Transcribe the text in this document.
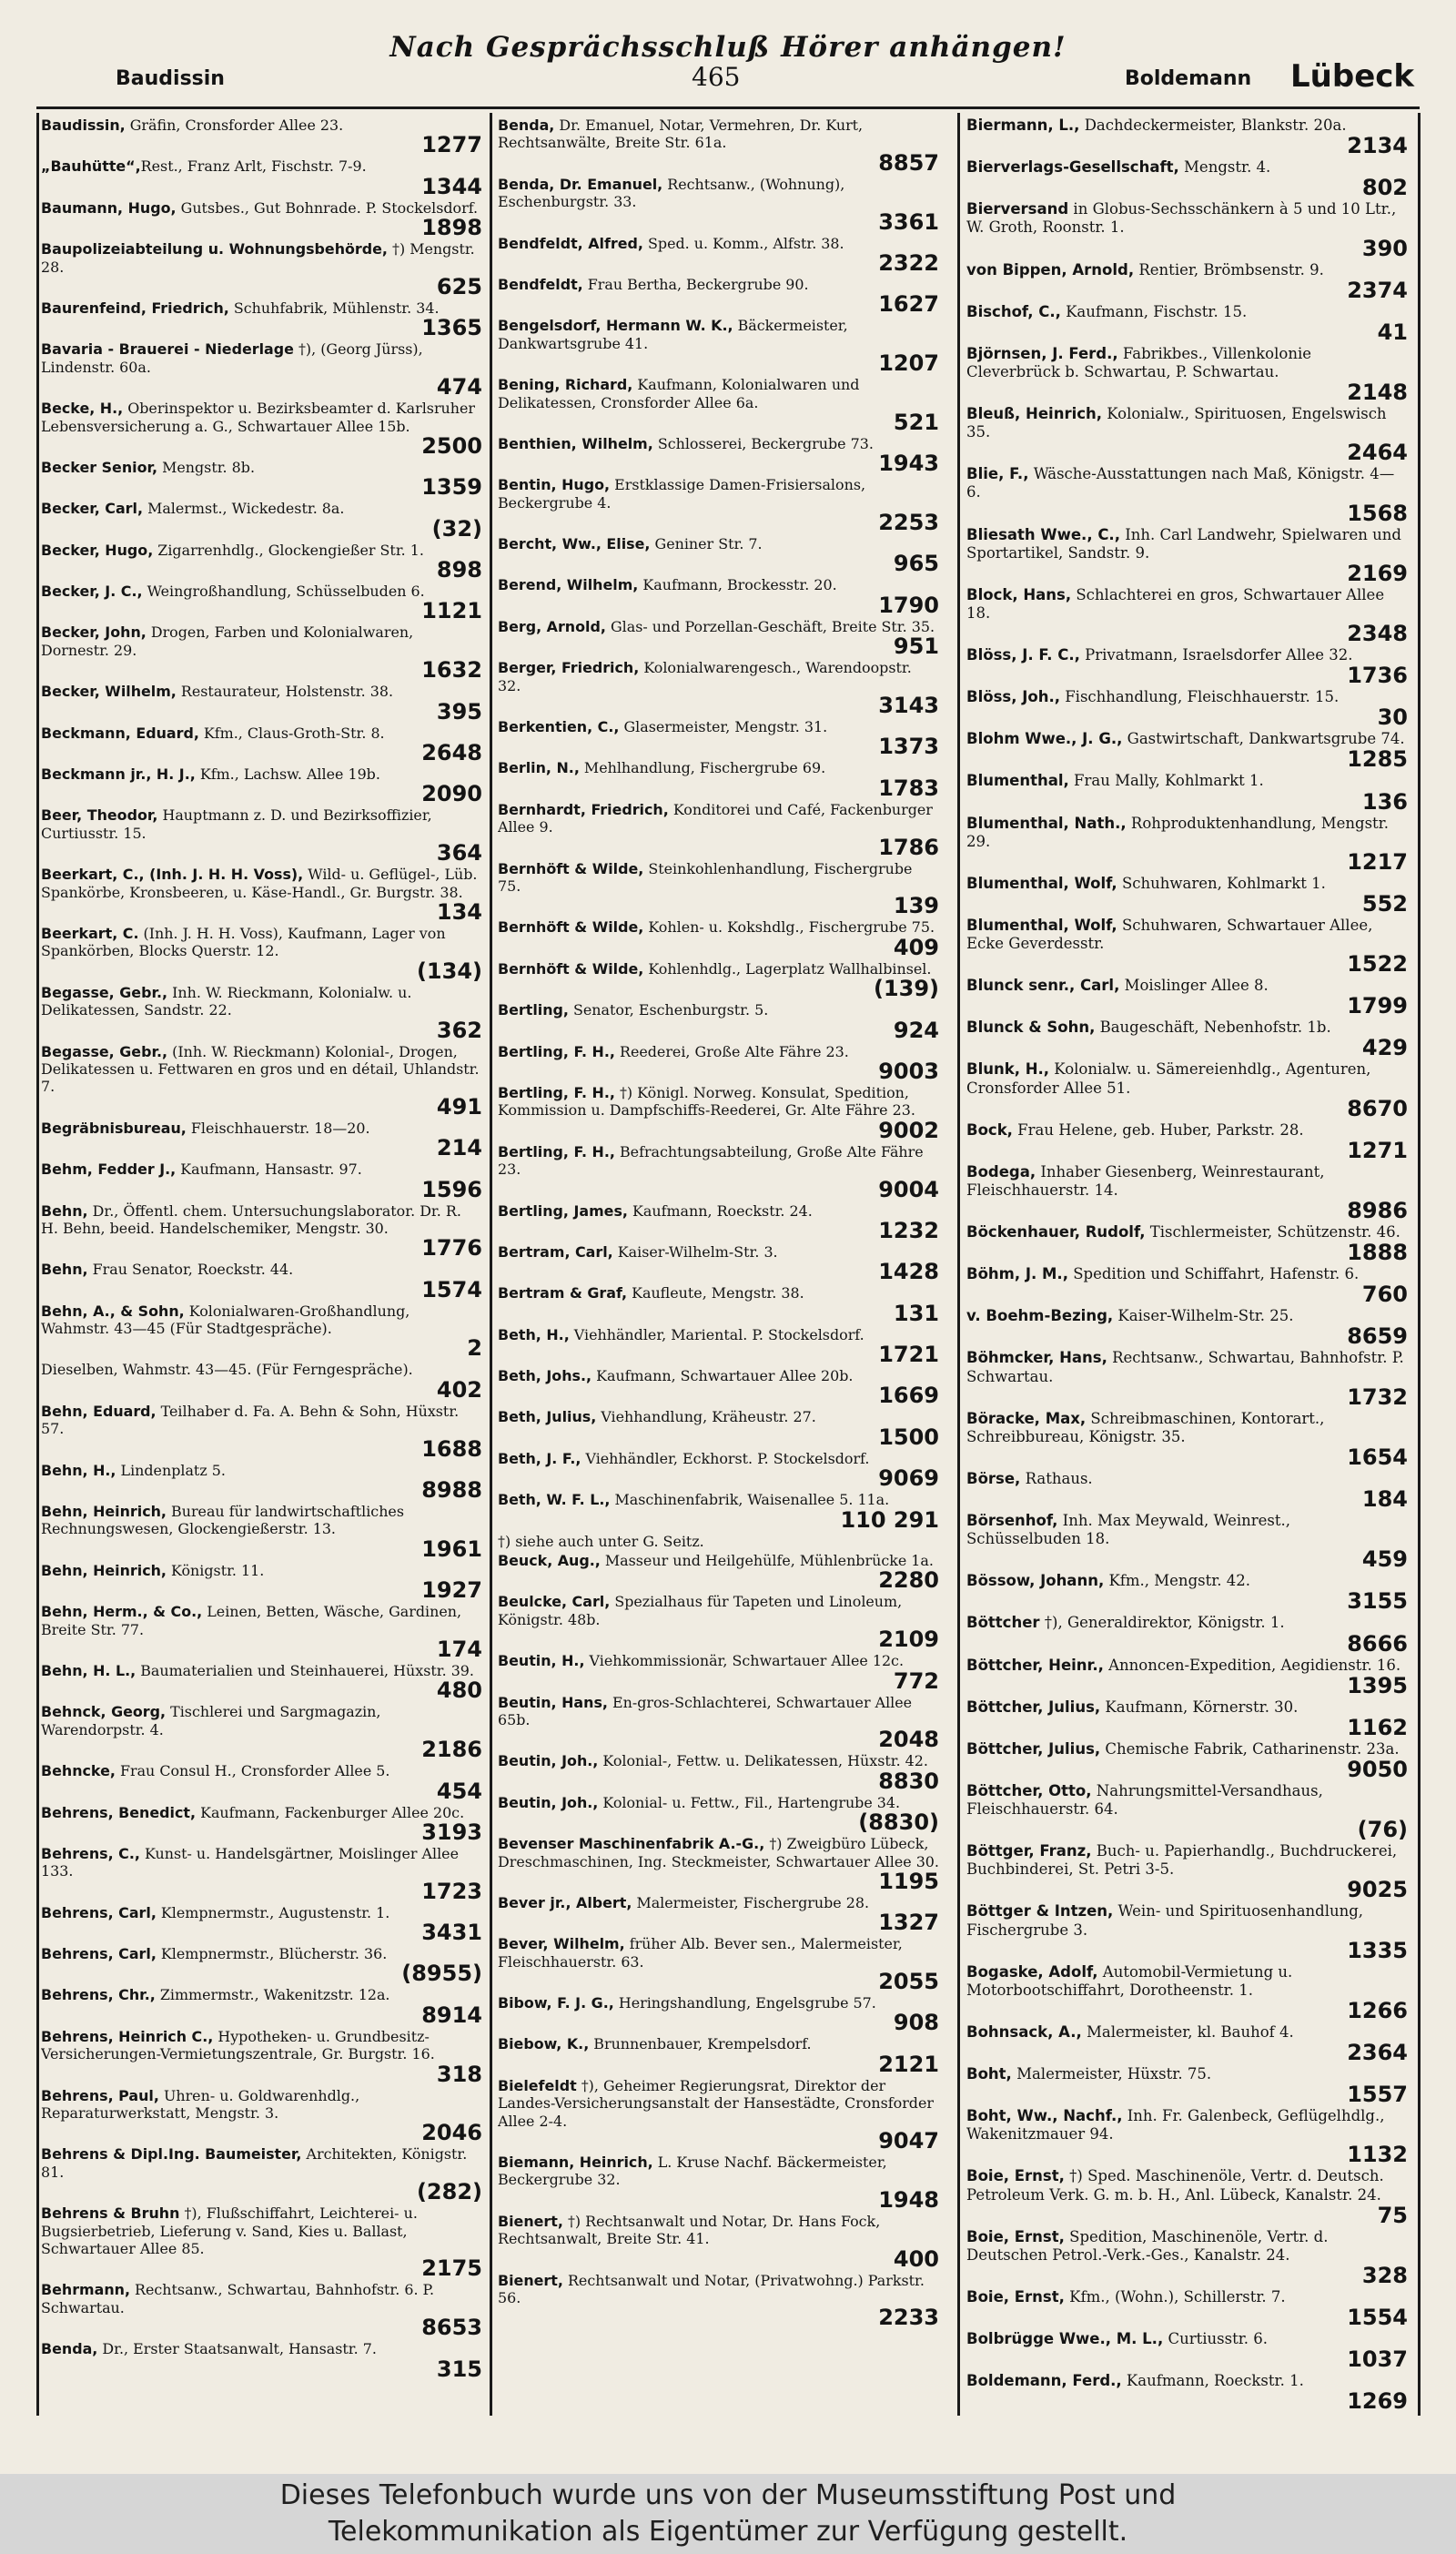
Nach Gesprächsschluß Hörer anhängen!
Baudissin	465	Boldemann Lübeck
Baudissin, Gräfin, Cronsforder Allee 23.
1277
„Bauhütte“,Rest., Franz Arlt, Fischstr. 7-9.
1344
Baumann, Hugo, Gutsbes., Gut Bohnrade. P. Stockelsdorf.
1898
Baupolizeiabteilung u. Wohnungsbehörde, †) Mengstr. 28.
625
Baurenfeind, Friedrich, Schuhfabrik, Mühlenstr. 34.
1365
Bavaria - Brauerei - Niederlage †), (Georg Jürss), Lindenstr. 60a.
474
Becke, H., Oberinspektor u. Bezirksbeamter d. Karlsruher Lebensversicherung a. G., Schwartauer Allee 15b.
2500
Becker Senior, Mengstr. 8b.
1359
Becker, Carl, Malermst., Wickedestr. 8a.
(32)
Becker, Hugo, Zigarrenhdlg., Glockengießer Str. 1.
898
Becker, J. C., Weingroßhandlung, Schüsselbuden 6.
1121
Becker, John, Drogen, Farben und Kolonialwaren, Dornestr. 29.
1632
Becker, Wilhelm, Restaurateur, Holstenstr. 38.
395
Beckmann, Eduard, Kfm., Claus-Groth-Str. 8.
2648
Beckmann jr., H. J., Kfm., Lachsw. Allee 19b.
2090
Beer, Theodor, Hauptmann z. D. und Bezirksoffizier, Curtiusstr. 15.
364
Beerkart, C., (Inh. J. H. H. Voss), Wild- u. Geflügel-, Lüb. Spankörbe, Kronsbeeren, u. Käse-Handl., Gr. Burgstr. 38.
134
Beerkart, C. (Inh. J. H. H. Voss), Kaufmann, Lager von Spankörben, Blocks Querstr. 12.
(134)
Begasse, Gebr., Inh. W. Rieckmann, Kolonialw. u. Delikatessen, Sandstr. 22.
362
Begasse, Gebr., (Inh. W. Rieckmann) Kolonial-, Drogen, Delikatessen u. Fettwaren en gros und en détail, Uhlandstr. 7.
491
Begräbnisbureau, Fleischhauerstr. 18—20.
214
Behm, Fedder J., Kaufmann, Hansastr. 97.
1596
Behn, Dr., Öffentl. chem. Untersuchungslaborator. Dr. R. H. Behn, beeid. Handelschemiker, Mengstr. 30.
1776
Behn, Frau Senator, Roeckstr. 44.
1574
Behn, A., & Sohn, Kolonialwaren-Großhandlung, Wahmstr. 43—45 (Für Stadtgespräche).
2
Dieselben, Wahmstr. 43—45. (Für Ferngespräche).
402
Behn, Eduard, Teilhaber d. Fa. A. Behn & Sohn, Hüxstr. 57.
1688
Behn, H., Lindenplatz 5.
8988
Behn, Heinrich, Bureau für landwirtschaftliches Rechnungswesen, Glockengießerstr. 13.
1961
Behn, Heinrich, Königstr. 11.
1927
Behn, Herm., & Co., Leinen, Betten, Wäsche, Gardinen, Breite Str. 77.
174
Behn, H. L., Baumaterialien und Steinhauerei, Hüxstr. 39.
480
Behnck, Georg, Tischlerei und Sargmagazin, Warendorpstr. 4.
2186
Behncke, Frau Consul H., Cronsforder Allee 5.
454
Behrens, Benedict, Kaufmann, Fackenburger Allee 20c.
3193
Behrens, C., Kunst- u. Handelsgärtner, Moislinger Allee 133.
1723
Behrens, Carl, Klempnermstr., Augustenstr. 1.
3431
Behrens, Carl, Klempnermstr., Blücherstr. 36.
(8955)
Behrens, Chr., Zimmermstr., Wakenitzstr. 12a.
8914
Behrens, Heinrich C., Hypotheken- u. Grundbesitz-Versicherungen-Vermietungszentrale, Gr. Burgstr. 16.
318
Behrens, Paul, Uhren- u. Goldwarenhdlg., Reparaturwerkstatt, Mengstr. 3.
2046
Behrens & Dipl.Ing. Baumeister, Architekten, Königstr. 81.
(282)
Behrens & Bruhn †), Flußschiffahrt, Leichterei- u. Bugsierbetrieb, Lieferung v. Sand, Kies u. Ballast, Schwartauer Allee 85.
2175
Behrmann, Rechtsanw., Schwartau, Bahnhofstr. 6. P. Schwartau.
8653
Benda, Dr., Erster Staatsanwalt, Hansastr. 7.
315
Benda, Dr. Emanuel, Notar, Vermehren, Dr. Kurt, Rechtsanwälte, Breite Str. 61a.
8857
Benda, Dr. Emanuel, Rechtsanw., (Wohnung), Eschenburgstr. 33.
3361
Bendfeldt, Alfred, Sped. u. Komm., Alfstr. 38.
2322
Bendfeldt, Frau Bertha, Beckergrube 90.
1627
Bengelsdorf, Hermann W. K., Bäckermeister, Dankwartsgrube 41.
1207
Bening, Richard, Kaufmann, Kolonialwaren und Delikatessen, Cronsforder Allee 6a.
521
Benthien, Wilhelm, Schlosserei, Beckergrube 73.
1943
Bentin, Hugo, Erstklassige Damen-Frisiersalons, Beckergrube 4.
2253
Bercht, Ww., Elise, Geniner Str. 7.
965
Berend, Wilhelm, Kaufmann, Brockesstr. 20.
1790
Berg, Arnold, Glas- und Porzellan-Geschäft, Breite Str. 35.
951
Berger, Friedrich, Kolonialwarengesch., Warendoopstr. 32.
3143
Berkentien, C., Glasermeister, Mengstr. 31.
1373
Berlin, N., Mehlhandlung, Fischergrube 69.
1783
Bernhardt, Friedrich, Konditorei und Café, Fackenburger Allee 9.
1786
Bernhöft & Wilde, Steinkohlenhandlung, Fischergrube 75.
139
Bernhöft & Wilde, Kohlen- u. Kokshdlg., Fischergrube 75.
409
Bernhöft & Wilde, Kohlenhdlg., Lagerplatz Wallhalbinsel.
(139)
Bertling, Senator, Eschenburgstr. 5.
924
Bertling, F. H., Reederei, Große Alte Fähre 23.
9003
Bertling, F. H., †) Königl. Norweg. Konsulat, Spedition, Kommission u. Dampfschiffs-Reederei, Gr. Alte Fähre 23.
9002
Bertling, F. H., Befrachtungsabteilung, Große Alte Fähre 23.
9004
Bertling, James, Kaufmann, Roeckstr. 24.
1232
Bertram, Carl, Kaiser-Wilhelm-Str. 3.
1428
Bertram & Graf, Kaufleute, Mengstr. 38.
131
Beth, H., Viehhändler, Mariental. P. Stockelsdorf.
1721
Beth, Johs., Kaufmann, Schwartauer Allee 20b.
1669
Beth, Julius, Viehhandlung, Kräheustr. 27.
1500
Beth, J. F., Viehhändler, Eckhorst. P. Stockelsdorf.
9069
Beth, W. F. L., Maschinenfabrik, Waisenallee 5. 11a.
110 291
†) siehe auch unter G. Seitz.
Beuck, Aug., Masseur und Heilgehülfe, Mühlenbrücke 1a.
2280
Beulcke, Carl, Spezialhaus für Tapeten und Linoleum, Königstr. 48b.
2109
Beutin, H., Viehkommissionär, Schwartauer Allee 12c.
772
Beutin, Hans, En-gros-Schlachterei, Schwartauer Allee 65b.
2048
Beutin, Joh., Kolonial-, Fettw. u. Delikatessen, Hüxstr. 42.
8830
Beutin, Joh., Kolonial- u. Fettw., Fil., Hartengrube 34.
(8830)
Bevenser Maschinenfabrik A.-G., †) Zweigbüro Lübeck, Dreschmaschinen, Ing. Steckmeister, Schwartauer Allee 30.
1195
Bever jr., Albert, Malermeister, Fischergrube 28.
1327
Bever, Wilhelm, früher Alb. Bever sen., Malermeister, Fleischhauerstr. 63.
2055
Bibow, F. J. G., Heringshandlung, Engelsgrube 57.
908
Biebow, K., Brunnenbauer, Krempelsdorf.
2121
Bielefeldt †), Geheimer Regierungsrat, Direktor der Landes-Versicherungsanstalt der Hansestädte, Cronsforder Allee 2-4.
9047
Biemann, Heinrich, L. Kruse Nachf. Bäckermeister, Beckergrube 32.
1948
Bienert, †) Rechtsanwalt und Notar, Dr. Hans Fock, Rechtsanwalt, Breite Str. 41.
400
Bienert, Rechtsanwalt und Notar, (Privatwohng.) Parkstr. 56.
2233
Biermann, L., Dachdeckermeister, Blankstr. 20a.
2134
Bierverlags-Gesellschaft, Mengstr. 4.
802
Bierversand in Globus-Sechsschänkern à 5 und 10 Ltr., W. Groth, Roonstr. 1.
390
von Bippen, Arnold, Rentier, Brömbsenstr. 9.
2374
Bischof, C., Kaufmann, Fischstr. 15.
41
Björnsen, J. Ferd., Fabrikbes., Villenkolonie Cleverbrück b. Schwartau, P. Schwartau.
2148
Bleuß, Heinrich, Kolonialw., Spirituosen, Engelswisch 35.
2464
Blie, F., Wäsche-Ausstattungen nach Maß, Königstr. 4—6.
1568
Bliesath Wwe., C., Inh. Carl Landwehr, Spielwaren und Sportartikel, Sandstr. 9.
2169
Block, Hans, Schlachterei en gros, Schwartauer Allee 18.
2348
Blöss, J. F. C., Privatmann, Israelsdorfer Allee 32.
1736
Blöss, Joh., Fischhandlung, Fleischhauerstr. 15.
30
Blohm Wwe., J. G., Gastwirtschaft, Dankwartsgrube 74.
1285
Blumenthal, Frau Mally, Kohlmarkt 1.
136
Blumenthal, Nath., Rohproduktenhandlung, Mengstr. 29.
1217
Blumenthal, Wolf, Schuhwaren, Kohlmarkt 1.
552
Blumenthal, Wolf, Schuhwaren, Schwartauer Allee, Ecke Geverdesstr.
1522
Blunck senr., Carl, Moislinger Allee 8.
1799
Blunck & Sohn, Baugeschäft, Nebenhofstr. 1b.
429
Blunk, H., Kolonialw. u. Sämereienhdlg., Agenturen, Cronsforder Allee 51.
8670
Bock, Frau Helene, geb. Huber, Parkstr. 28.
1271
Bodega, Inhaber Giesenberg, Weinrestaurant, Fleischhauerstr. 14.
8986
Böckenhauer, Rudolf, Tischlermeister, Schützenstr. 46.
1888
Böhm, J. M., Spedition und Schiffahrt, Hafenstr. 6.
760
v. Boehm-Bezing, Kaiser-Wilhelm-Str. 25.
8659
Böhmcker, Hans, Rechtsanw., Schwartau, Bahnhofstr. P. Schwartau.
1732
Böracke, Max, Schreibmaschinen, Kontorart., Schreibbureau, Königstr. 35.
1654
Börse, Rathaus.
184
Börsenhof, Inh. Max Meywald, Weinrest., Schüsselbuden 18.
459
Bössow, Johann, Kfm., Mengstr. 42.
3155
Böttcher †), Generaldirektor, Königstr. 1.
8666
Böttcher, Heinr., Annoncen-Expedition, Aegidienstr. 16.
1395
Böttcher, Julius, Kaufmann, Körnerstr. 30.
1162
Böttcher, Julius, Chemische Fabrik, Catharinenstr. 23a.
9050
Böttcher, Otto, Nahrungsmittel-Versandhaus, Fleischhauerstr. 64.
(76)
Böttger, Franz, Buch- u. Papierhandlg., Buchdruckerei, Buchbinderei, St. Petri 3-5.
9025
Böttger & Intzen, Wein- und Spirituosenhandlung, Fischergrube 3.
1335
Bogaske, Adolf, Automobil-Vermietung u. Motorbootschiffahrt, Dorotheenstr. 1.
1266
Bohnsack, A., Malermeister, kl. Bauhof 4.
2364
Boht, Malermeister, Hüxstr. 75.
1557
Boht, Ww., Nachf., Inh. Fr. Galenbeck, Geflügelhdlg., Wakenitzmauer 94.
1132
Boie, Ernst, †) Sped. Maschinenöle, Vertr. d. Deutsch. Petroleum Verk. G. m. b. H., Anl. Lübeck, Kanalstr. 24.
75
Boie, Ernst, Spedition, Maschinenöle, Vertr. d. Deutschen Petrol.-Verk.-Ges., Kanalstr. 24.
328
Boie, Ernst, Kfm., (Wohn.), Schillerstr. 7.
1554
Bolbrügge Wwe., M. L., Curtiusstr. 6.
1037
Boldemann, Ferd., Kaufmann, Roeckstr. 1.
1269
Dieses Telefonbuch wurde uns von der Museumsstiftung Post und
Telekommunikation als Eigentümer zur Verfügung gestellt.
